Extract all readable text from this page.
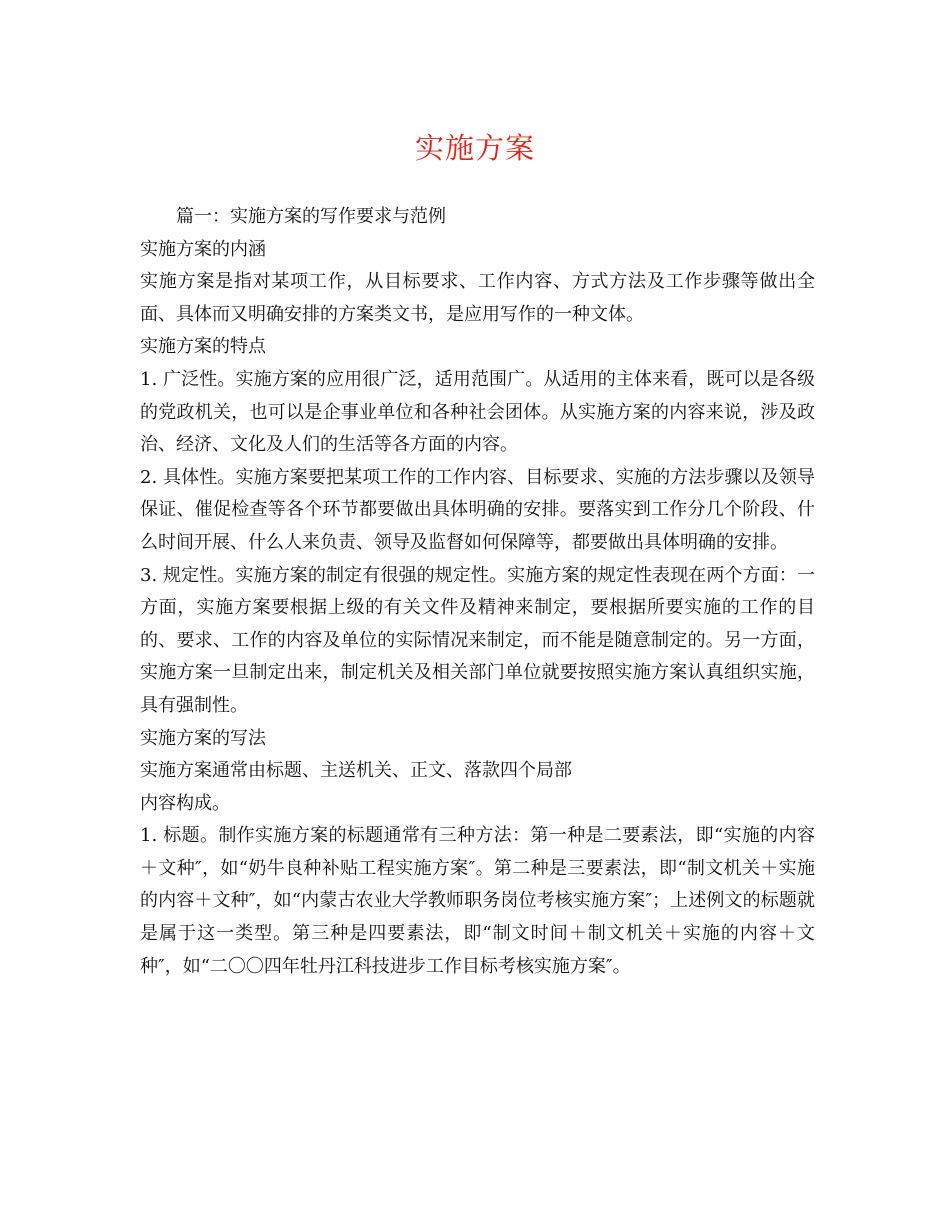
实施方案

篇一：实施方案的写作要求与范例

实施方案的内涵

实施方案是指对某项工作，从目标要求、工作内容、方式方法及工作步骤等做出全面、具体而又明确安排的方案类文书，是应用写作的一种文体。

实施方案的特点

1. 广泛性。实施方案的应用很广泛，适用范围广。从适用的主体来看，既可以是各级的党政机关，也可以是企事业单位和各种社会团体。从实施方案的内容来说，涉及政治、经济、文化及人们的生活等各方面的内容。

2. 具体性。实施方案要把某项工作的工作内容、目标要求、实施的方法步骤以及领导保证、催促检查等各个环节都要做出具体明确的安排。要落实到工作分几个阶段、什么时间开展、什么人来负责、领导及监督如何保障等，都要做出具体明确的安排。

3. 规定性。实施方案的制定有很强的规定性。实施方案的规定性表现在两个方面：一方面，实施方案要根据上级的有关文件及精神来制定，要根据所要实施的工作的目的、要求、工作的内容及单位的实际情况来制定，而不能是随意制定的。另一方面，实施方案一旦制定出来，制定机关及相关部门单位就要按照实施方案认真组织实施，具有强制性。

实施方案的写法

实施方案通常由标题、主送机关、正文、落款四个局部

内容构成。

1. 标题。制作实施方案的标题通常有三种方法：第一种是二要素法，即“实施的内容＋文种″，如“奶牛良种补贴工程实施方案″。第二种是三要素法，即“制文机关＋实施的内容＋文种″，如“内蒙古农业大学教师职务岗位考核实施方案″；上述例文的标题就是属于这一类型。第三种是四要素法，即“制文时间＋制文机关＋实施的内容＋文种″，如“二〇〇四年牡丹江科技进步工作目标考核实施方案″。
